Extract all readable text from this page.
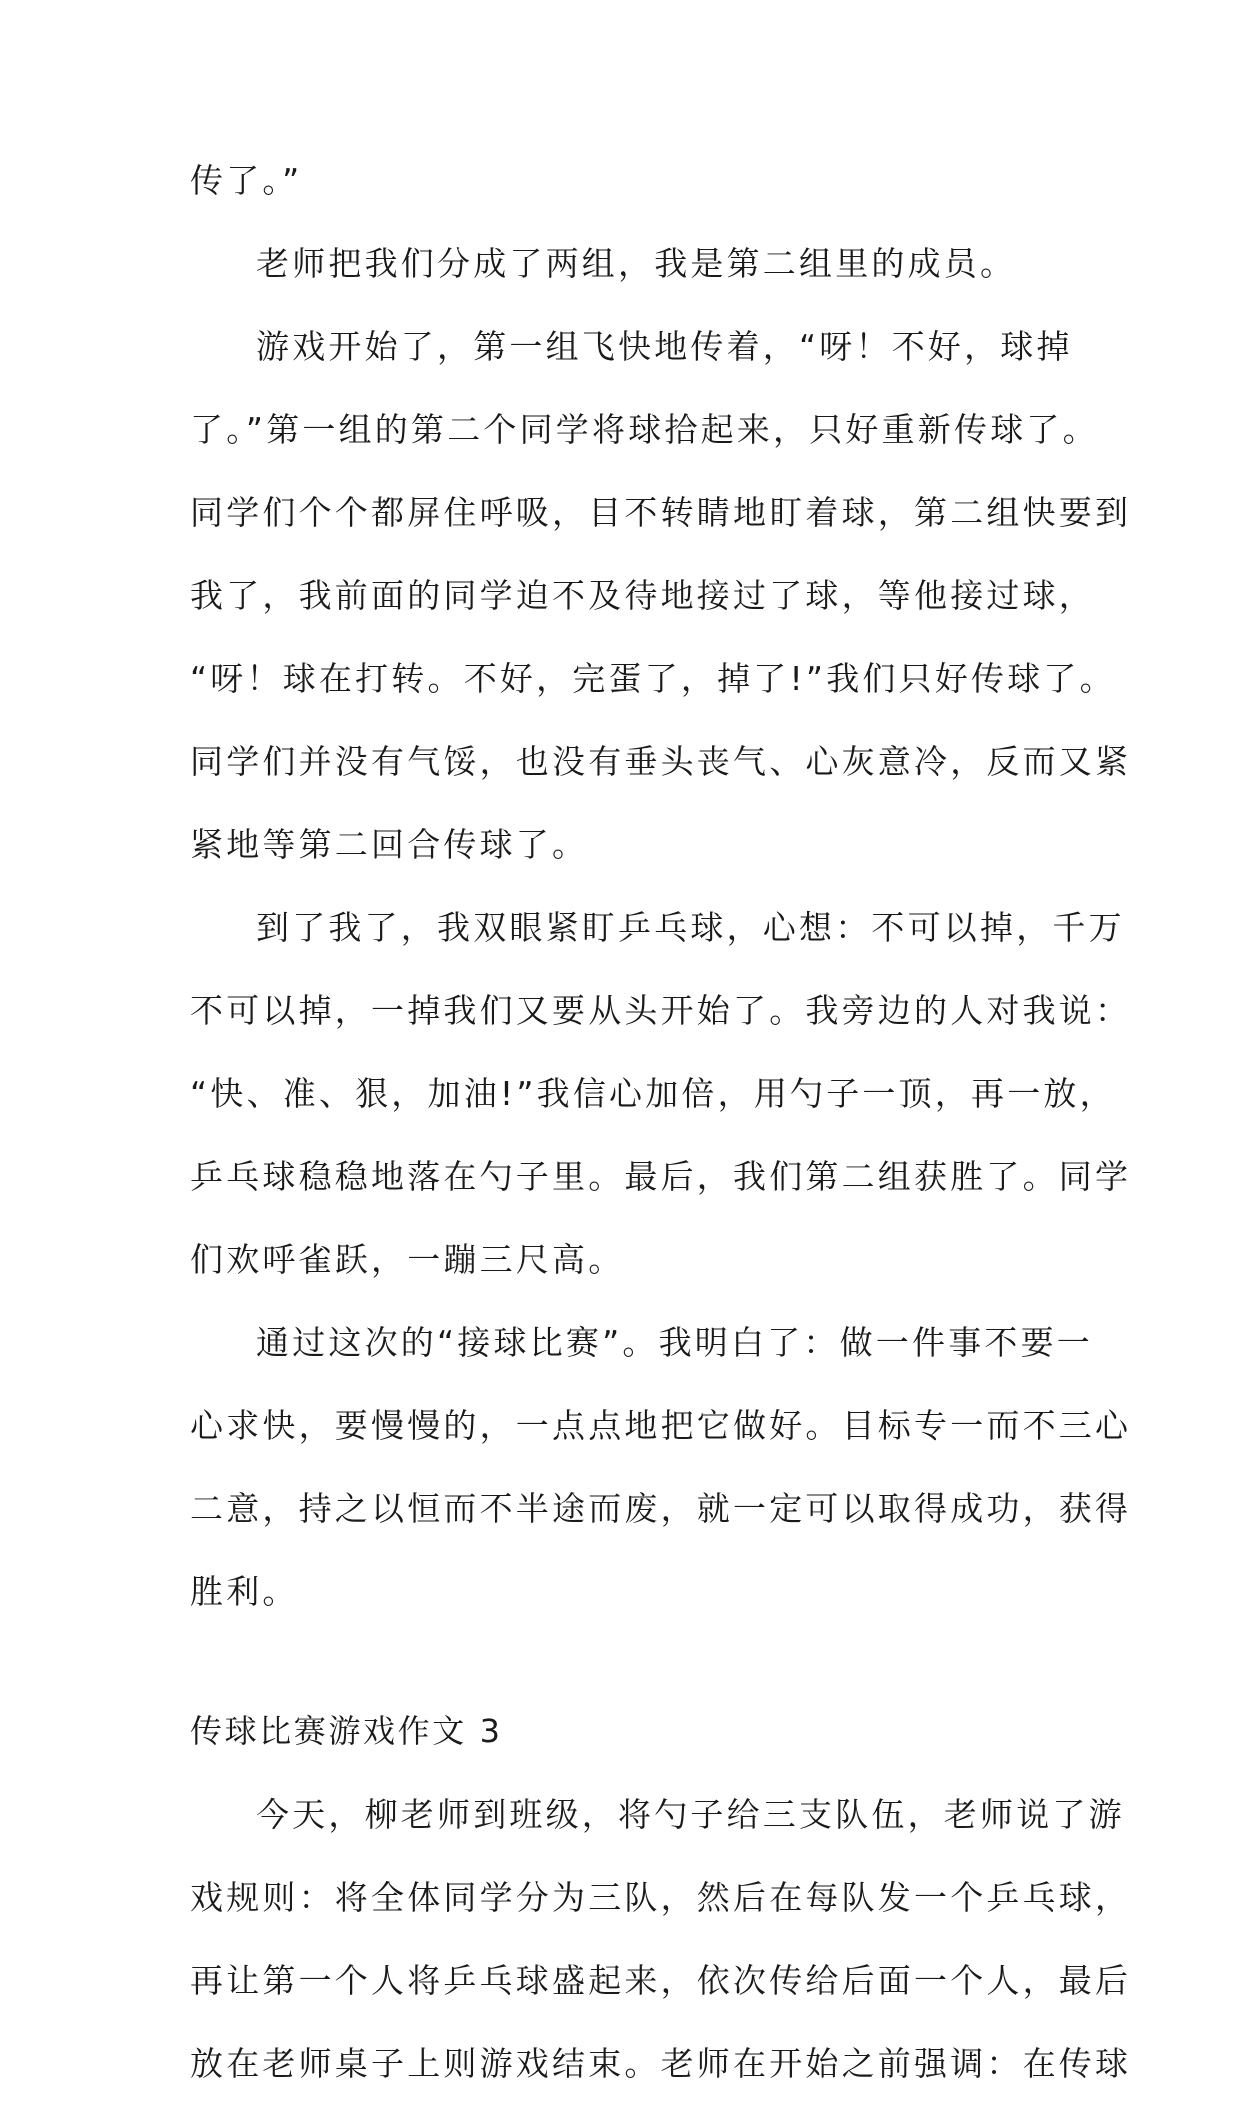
传了。”
老师把我们分成了两组，我是第二组里的成员。
游戏开始了，第一组飞快地传着，“呀！不好，球掉
了。”第一组的第二个同学将球拾起来，只好重新传球了。
同学们个个都屏住呼吸，目不转睛地盯着球，第二组快要到
我了，我前面的同学迫不及待地接过了球，等他接过球，
“呀！球在打转。不好，完蛋了，掉了!”我们只好传球了。
同学们并没有气馁，也没有垂头丧气、心灰意冷，反而又紧
紧地等第二回合传球了。
到了我了，我双眼紧盯乒乓球，心想：不可以掉，千万
不可以掉，一掉我们又要从头开始了。我旁边的人对我说：
“快、准、狠，加油!”我信心加倍，用勺子一顶，再一放，
乒乓球稳稳地落在勺子里。最后，我们第二组获胜了。同学
们欢呼雀跃，一蹦三尺高。
通过这次的“接球比赛”。我明白了：做一件事不要一
心求快，要慢慢的，一点点地把它做好。目标专一而不三心
二意，持之以恒而不半途而废，就一定可以取得成功，获得
胜利。
传球比赛游戏作文 3
今天，柳老师到班级，将勺子给三支队伍，老师说了游
戏规则：将全体同学分为三队，然后在每队发一个乒乓球，
再让第一个人将乒乓球盛起来，依次传给后面一个人，最后
放在老师桌子上则游戏结束。老师在开始之前强调：在传球
